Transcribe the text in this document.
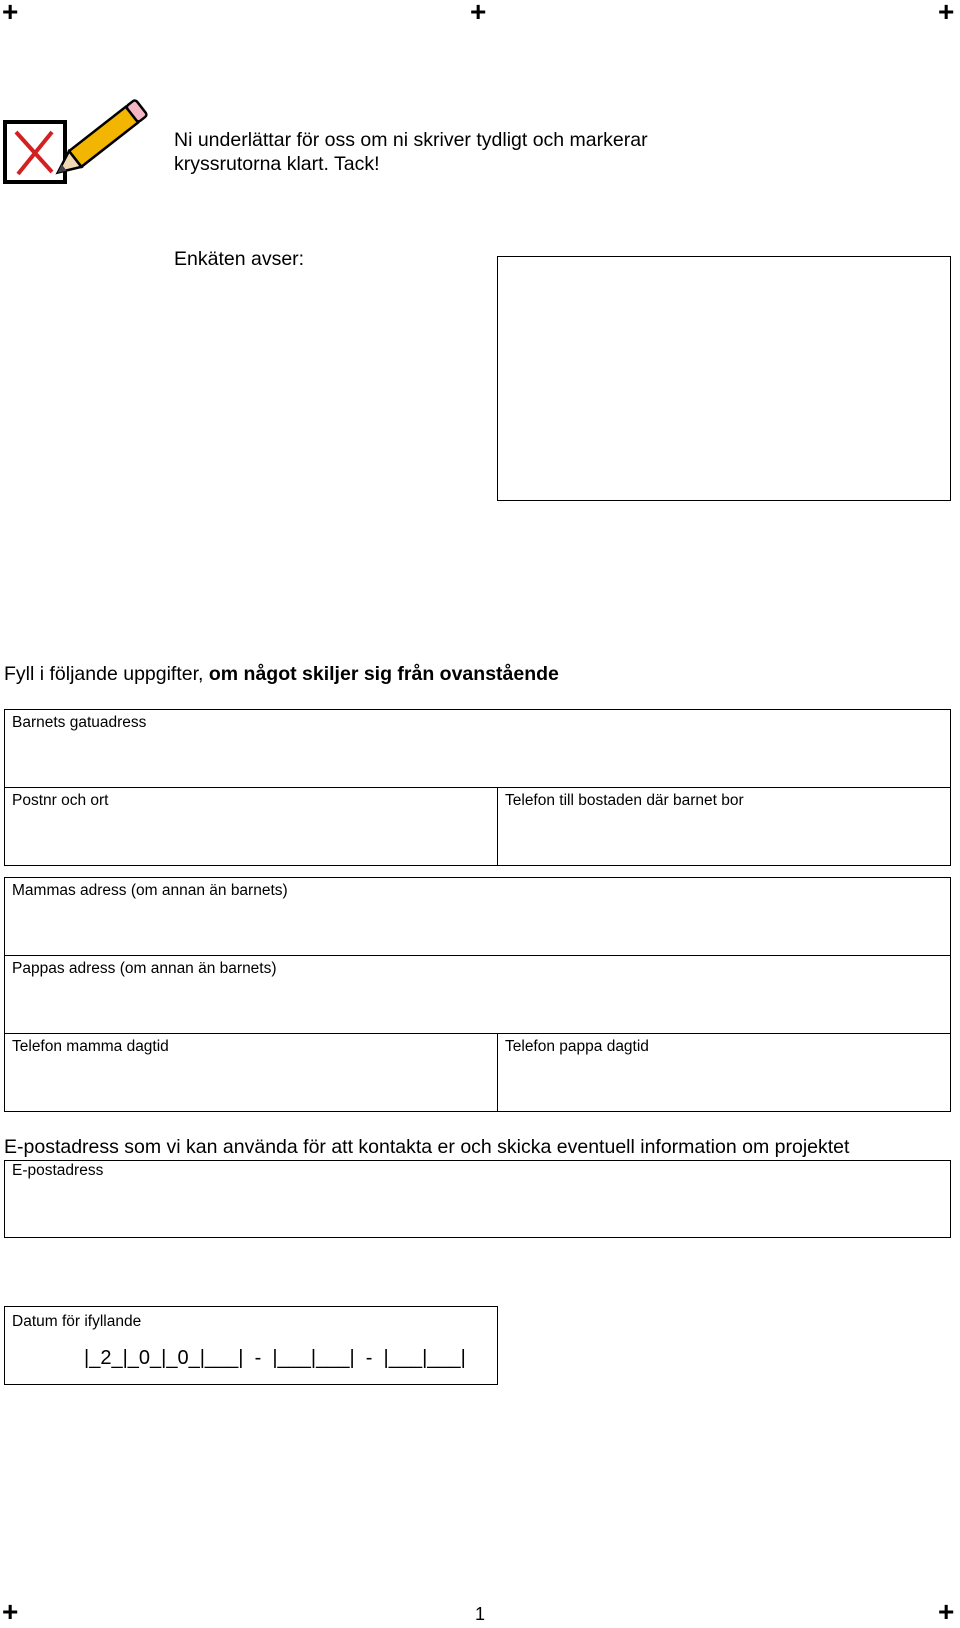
+	+	+
+	+
Ni underlättar för oss om ni skriver tydligt och markerar
kryssrutorna klart. Tack!
Enkäten avser:
Fyll i följande uppgifter, om något skiljer sig från ovanstående
Barnets gatuadress
Postnr och ort	Telefon till bostaden där barnet bor
Mammas adress (om annan än barnets)
Pappas adress (om annan än barnets)
Telefon mamma dagtid	Telefon pappa dagtid
E-postadress som vi kan använda för att kontakta er och skicka eventuell information om projektet
E-postadress
Datum för ifyllande
|_2_|_0_|_0_|___|  -  |___|___|  -  |___|___|
1
